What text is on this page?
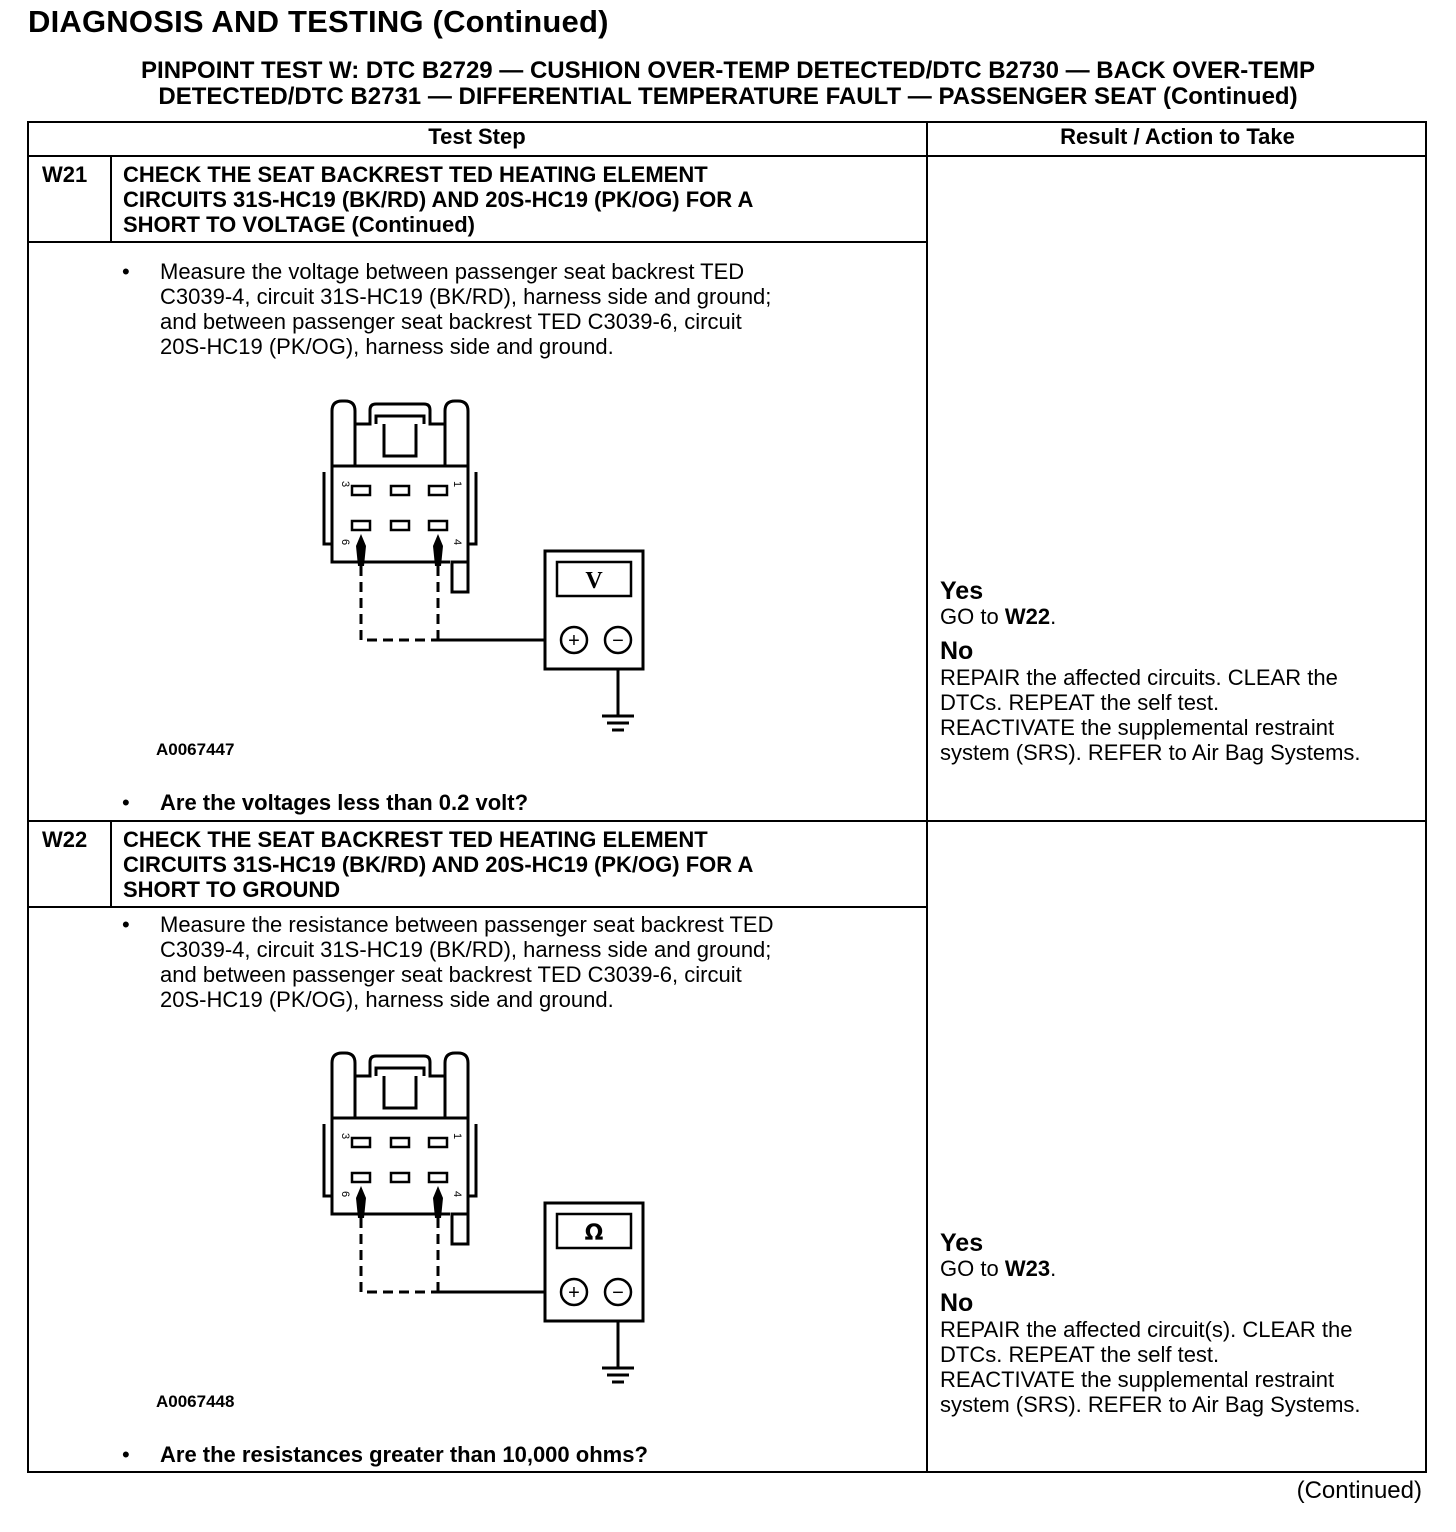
DIAGNOSIS AND TESTING (Continued)
PINPOINT TEST W: DTC B2729 — CUSHION OVER-TEMP DETECTED/DTC B2730 — BACK OVER-TEMP
DETECTED/DTC B2731 — DIFFERENTIAL TEMPERATURE FAULT — PASSENGER SEAT (Continued)
Test Step	Result / Action to Take
W21 CHECK THE SEAT BACKREST TED HEATING ELEMENT
CIRCUITS 31S-HC19 (BK/RD) AND 20S-HC19 (PK/OG) FOR A
SHORT TO VOLTAGE (Continued)
• Measure the voltage between passenger seat backrest TED
C3039-4, circuit 31S-HC19 (BK/RD), harness side and ground;
and between passenger seat backrest TED C3039-6, circuit
20S-HC19 (PK/OG), harness side and ground.
3	1
6	4
V
+ −
A0067447
• Are the voltages less than 0.2 volt?
Yes
GO to W22.
No
REPAIR the affected circuits. CLEAR the
DTCs. REPEAT the self test.
REACTIVATE the supplemental restraint
system (SRS). REFER to Air Bag Systems.
W22 CHECK THE SEAT BACKREST TED HEATING ELEMENT
CIRCUITS 31S-HC19 (BK/RD) AND 20S-HC19 (PK/OG) FOR A
SHORT TO GROUND
• Measure the resistance between passenger seat backrest TED
C3039-4, circuit 31S-HC19 (BK/RD), harness side and ground;
and between passenger seat backrest TED C3039-6, circuit
20S-HC19 (PK/OG), harness side and ground.
3	1
6	4
Ω
+ −
A0067448
• Are the resistances greater than 10,000 ohms?
Yes
GO to W23.
No
REPAIR the affected circuit(s). CLEAR the
DTCs. REPEAT the self test.
REACTIVATE the supplemental restraint
system (SRS). REFER to Air Bag Systems.
(Continued)
